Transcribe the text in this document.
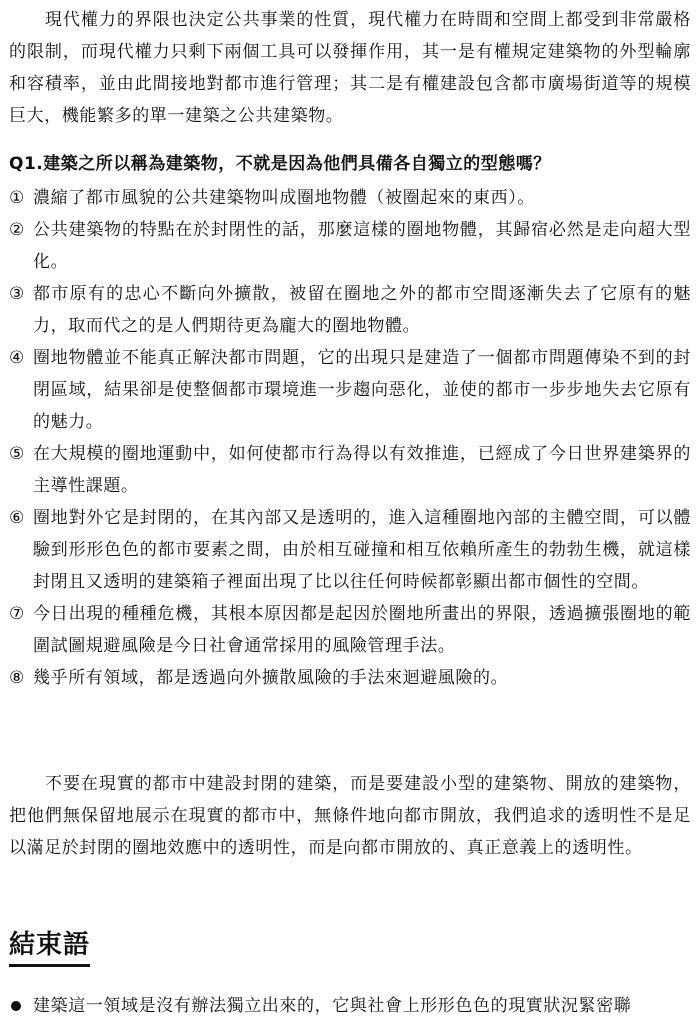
現代權力的界限也決定公共事業的性質，現代權力在時間和空間上都受到非常嚴格的限制，而現代權力只剩下兩個工具可以發揮作用，其一是有權規定建築物的外型輪廓和容積率，並由此間接地對都市進行管理；其二是有權建設包含都市廣場街道等的規模巨大，機能繁多的單一建築之公共建築物。

Q1.建築之所以稱為建築物，不就是因為他們具備各自獨立的型態嗎？

① 濃縮了都市風貌的公共建築物叫成圈地物體（被圈起來的東西）。
② 公共建築物的特點在於封閉性的話，那麼這樣的圈地物體，其歸宿必然是走向超大型化。
③ 都市原有的忠心不斷向外擴散，被留在圈地之外的都市空間逐漸失去了它原有的魅力，取而代之的是人們期待更為龐大的圈地物體。
④ 圈地物體並不能真正解決都市問題，它的出現只是建造了一個都市問題傳染不到的封閉區域，結果卻是使整個都市環境進一步趨向惡化，並使的都市一步步地失去它原有的魅力。
⑤ 在大規模的圈地運動中，如何使都市行為得以有效推進，已經成了今日世界建築界的主導性課題。
⑥ 圈地對外它是封閉的，在其內部又是透明的，進入這種圈地內部的主體空間，可以體驗到形形色色的都市要素之間，由於相互碰撞和相互依賴所產生的勃勃生機，就這樣封閉且又透明的建築箱子裡面出現了比以往任何時候都彰顯出都市個性的空間。
⑦ 今日出現的種種危機，其根本原因都是起因於圈地所畫出的界限，透過擴張圈地的範圍試圖規避風險是今日社會通常採用的風險管理手法。
⑧ 幾乎所有領域，都是透過向外擴散風險的手法來迴避風險的。

不要在現實的都市中建設封閉的建築，而是要建設小型的建築物、開放的建築物，把他們無保留地展示在現實的都市中，無條件地向都市開放，我們追求的透明性不是足以滿足於封閉的圈地效應中的透明性，而是向都市開放的、真正意義上的透明性。

結束語
建築這一領域是沒有辦法獨立出來的，它與社會上形形色色的現實狀況緊密聯
